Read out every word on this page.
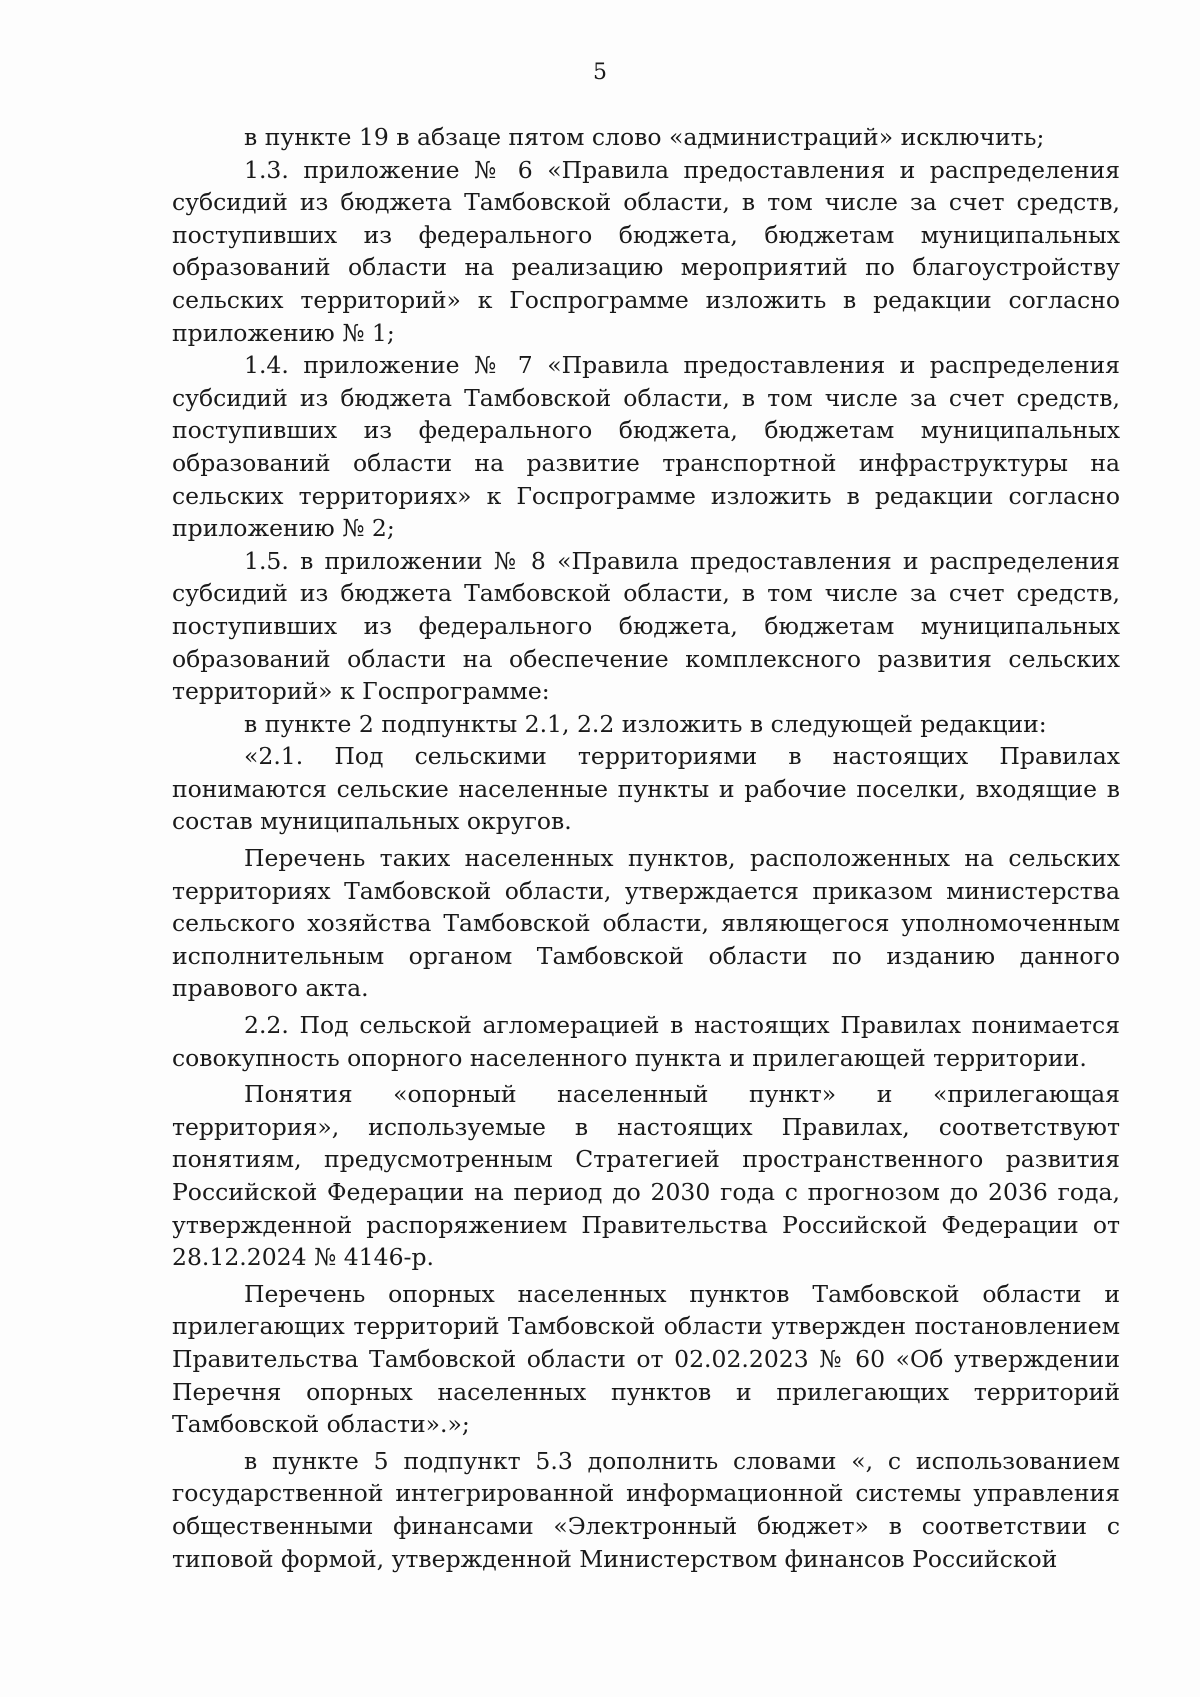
5

в пункте 19 в абзаце пятом слово «администраций» исключить;

1.3. приложение № 6 «Правила предоставления и распределения субсидий из бюджета Тамбовской области, в том числе за счет средств, поступивших из федерального бюджета, бюджетам муниципальных образований области на реализацию мероприятий по благоустройству сельских территорий» к Госпрограмме изложить в редакции согласно приложению № 1;

1.4. приложение № 7 «Правила предоставления и распределения субсидий из бюджета Тамбовской области, в том числе за счет средств, поступивших из федерального бюджета, бюджетам муниципальных образований области на развитие транспортной инфраструктуры на сельских территориях» к Госпрограмме изложить в редакции согласно приложению № 2;

1.5. в приложении № 8 «Правила предоставления и распределения субсидий из бюджета Тамбовской области, в том числе за счет средств, поступивших из федерального бюджета, бюджетам муниципальных образований области на обеспечение комплексного развития сельских территорий» к Госпрограмме:

в пункте 2 подпункты 2.1, 2.2 изложить в следующей редакции:

«2.1. Под сельскими территориями в настоящих Правилах понимаются сельские населенные пункты и рабочие поселки, входящие в состав муниципальных округов.

Перечень таких населенных пунктов, расположенных на сельских территориях Тамбовской области, утверждается приказом министерства сельского хозяйства Тамбовской области, являющегося уполномоченным исполнительным органом Тамбовской области по изданию данного правового акта.

2.2. Под сельской агломерацией в настоящих Правилах понимается совокупность опорного населенного пункта и прилегающей территории.

Понятия «опорный населенный пункт» и «прилегающая территория», используемые в настоящих Правилах, соответствуют понятиям, предусмотренным Стратегией пространственного развития Российской Федерации на период до 2030 года с прогнозом до 2036 года, утвержденной распоряжением Правительства Российской Федерации от 28.12.2024 № 4146-р.

Перечень опорных населенных пунктов Тамбовской области и прилегающих территорий Тамбовской области утвержден постановлением Правительства Тамбовской области от 02.02.2023 № 60 «Об утверждении Перечня опорных населенных пунктов и прилегающих территорий Тамбовской области».»;

в пункте 5 подпункт 5.3 дополнить словами «, с использованием государственной интегрированной информационной системы управления общественными финансами «Электронный бюджет» в соответствии с типовой формой, утвержденной Министерством финансов Российской
